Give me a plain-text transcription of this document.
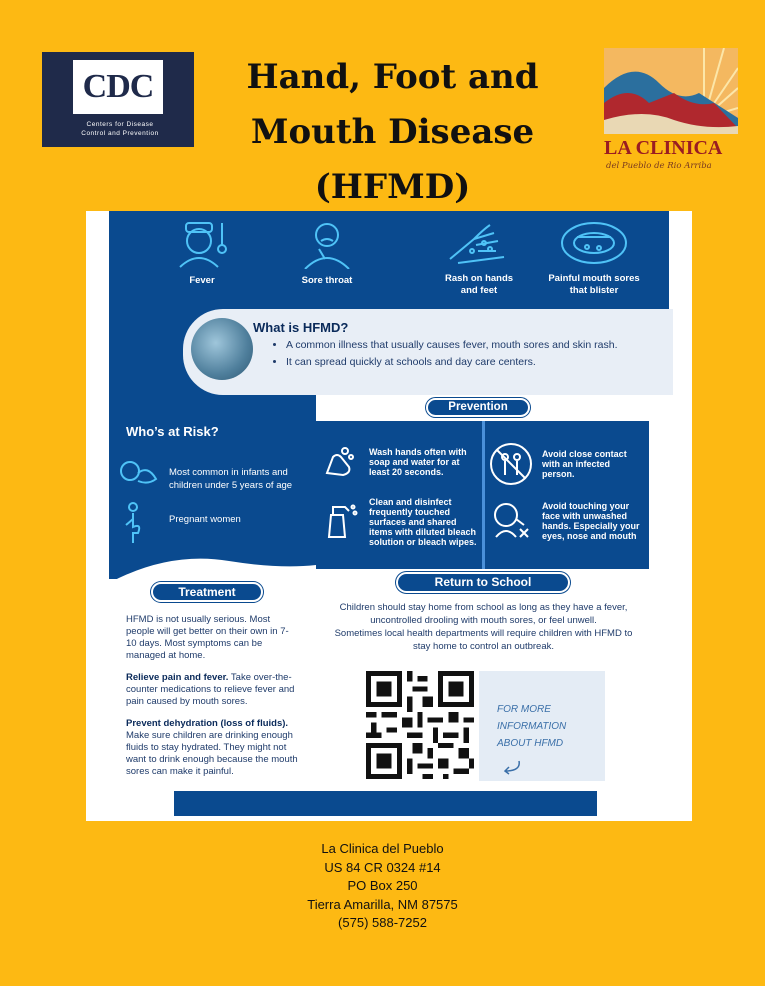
CDC
Centers for Disease
Control and Prevention
Hand, Foot and
Mouth Disease
(HFMD)
LA CLINICA
del Pueblo de Rio Arriba
Fever	Sore throat	Rash on hands
and feet
Painful mouth sores
that blister
What is HFMD?
• A common illness that usually causes fever, mouth sores and skin rash.
• It can spread quickly at schools and day care centers.
Who’s at Risk?
Most common in infants and children under 5 years of age
Pregnant women
Prevention
Wash hands often with soap and water for at least 20 seconds.
Avoid close contact with an infected person.
Clean and disinfect frequently touched surfaces and shared items with diluted bleach solution or bleach wipes.
Avoid touching your face with unwashed hands. Especially your eyes, nose and mouth
Treatment

HFMD is not usually serious. Most people will get better on their own in 7-10 days. Most symptoms can be managed at home.

Relieve pain and fever. Take over-the-counter medications to relieve fever and pain caused by mouth sores.

Prevent dehydration (loss of fluids). Make sure children are drinking enough fluids to stay hydrated. They might not want to drink enough because the mouth sores can make it painful.

Return to School
Children should stay home from school as long as they have a fever,
uncontrolled drooling with mouth sores, or feel unwell.
Sometimes local health departments will require children with HFMD to
stay home to control an outbreak.
FOR MORE
INFORMATION
ABOUT HFMD
La Clinica del Pueblo
US 84 CR 0324 #14
PO Box 250
Tierra Amarilla, NM 87575
(575) 588-7252
